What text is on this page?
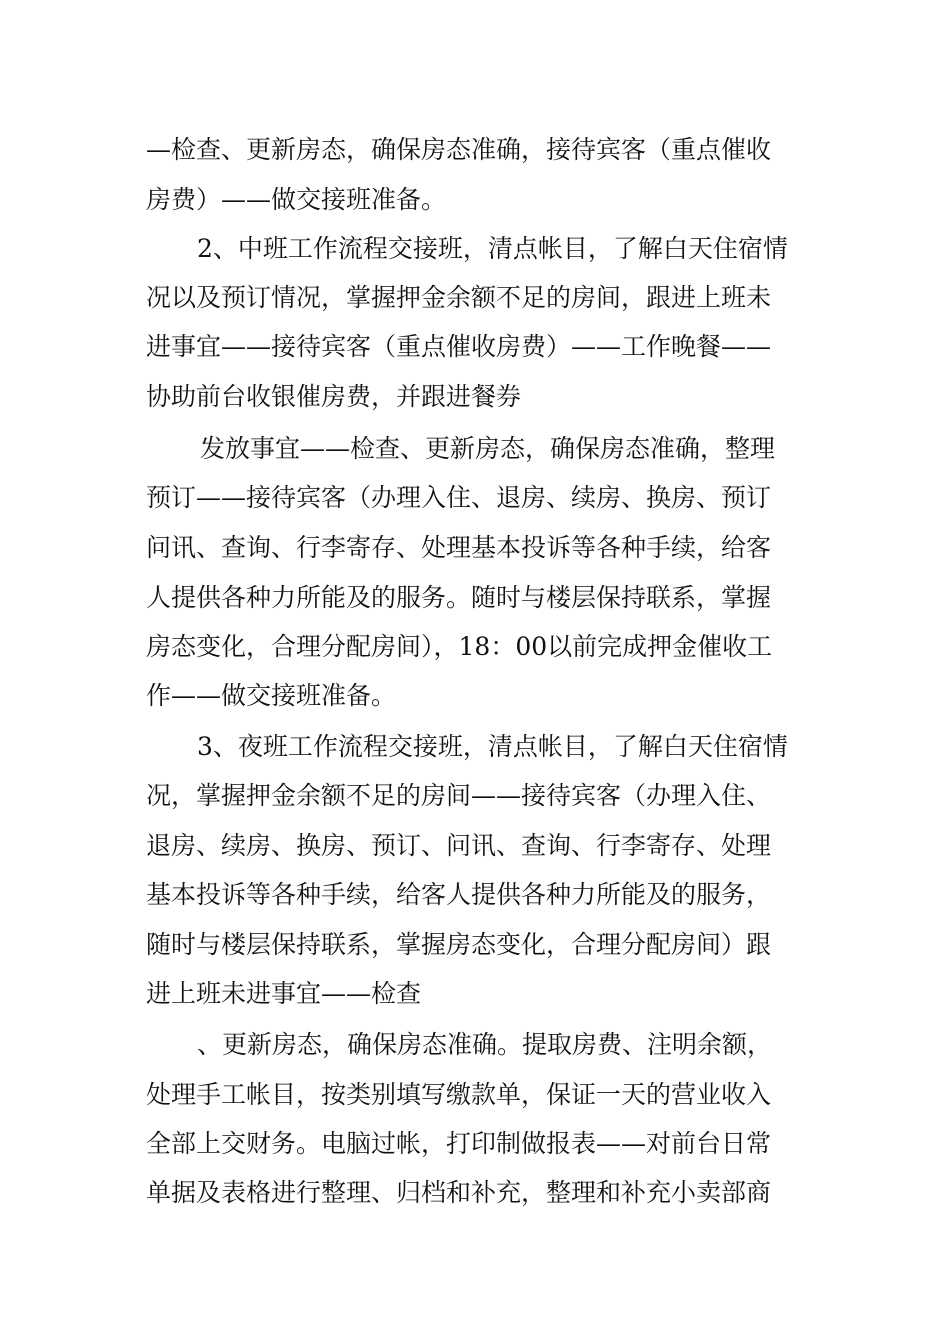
—检查、更新房态，确保房态准确，接待宾客（重点催收
房费）——做交接班准备。
2、中班工作流程交接班，清点帐目，了解白天住宿情
况以及预订情况，掌握押金余额不足的房间，跟进上班未
进事宜——接待宾客（重点催收房费）——工作晚餐——
协助前台收银催房费，并跟进餐券
发放事宜——检查、更新房态，确保房态准确，整理
预订——接待宾客（办理入住、退房、续房、换房、预订
问讯、查询、行李寄存、处理基本投诉等各种手续，给客
人提供各种力所能及的服务。随时与楼层保持联系，掌握
房态变化，合理分配房间），18：00以前完成押金催收工
作——做交接班准备。
3、夜班工作流程交接班，清点帐目，了解白天住宿情
况，掌握押金余额不足的房间——接待宾客（办理入住、
退房、续房、换房、预订、问讯、查询、行李寄存、处理
基本投诉等各种手续，给客人提供各种力所能及的服务，
随时与楼层保持联系，掌握房态变化，合理分配房间）跟
进上班未进事宜——检查
、更新房态，确保房态准确。提取房费、注明余额，
处理手工帐目，按类别填写缴款单，保证一天的营业收入
全部上交财务。电脑过帐，打印制做报表——对前台日常
单据及表格进行整理、归档和补充，整理和补充小卖部商
